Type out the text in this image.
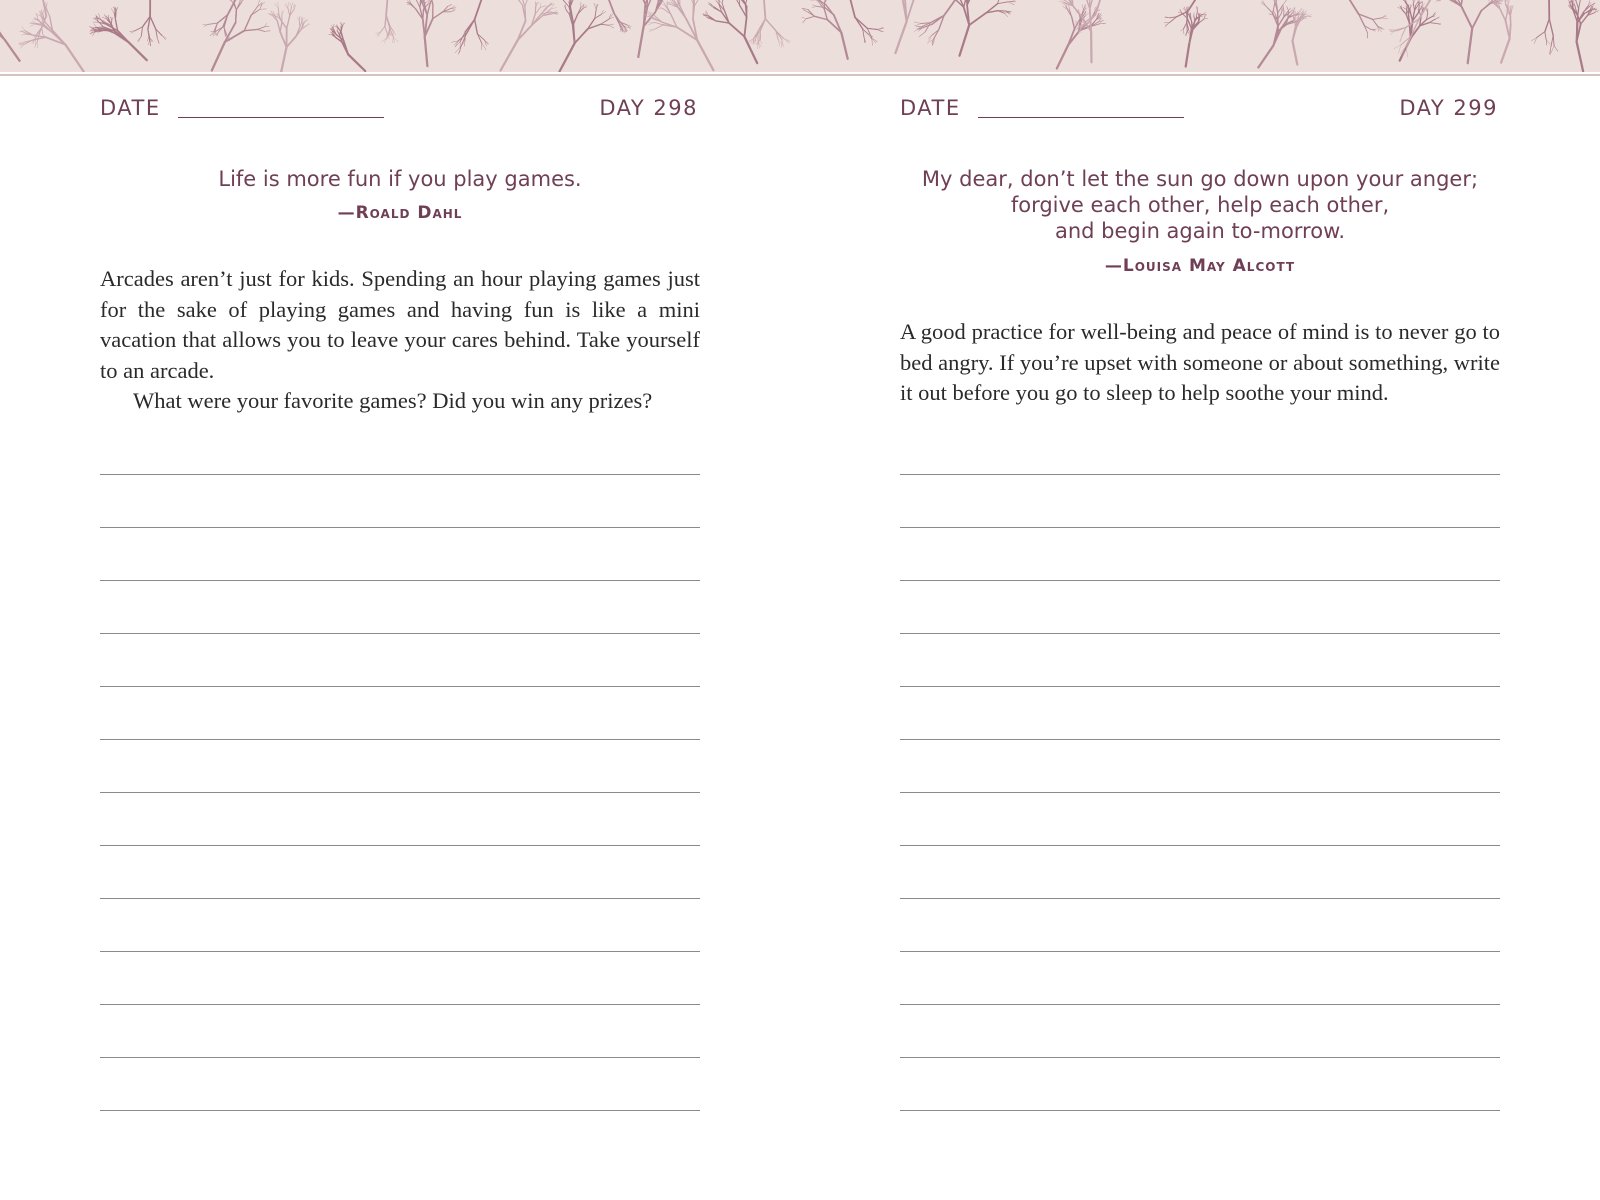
DATE	DAY 298
Life is more fun if you play games.
—Roald Dahl

Arcades aren’t just for kids. Spending an hour playing games just for the sake of playing games and having fun is like a mini vacation that allows you to leave your cares behind. Take yourself to an arcade.

What were your favorite games? Did you win any prizes?

DATE	DAY 299
My dear, don’t let the sun go down upon your anger;
forgive each other, help each other,
and begin again to-morrow.
—Louisa May Alcott

A good practice for well-being and peace of mind is to never go to bed angry. If you’re upset with someone or about something, write it out before you go to sleep to help soothe your mind.
